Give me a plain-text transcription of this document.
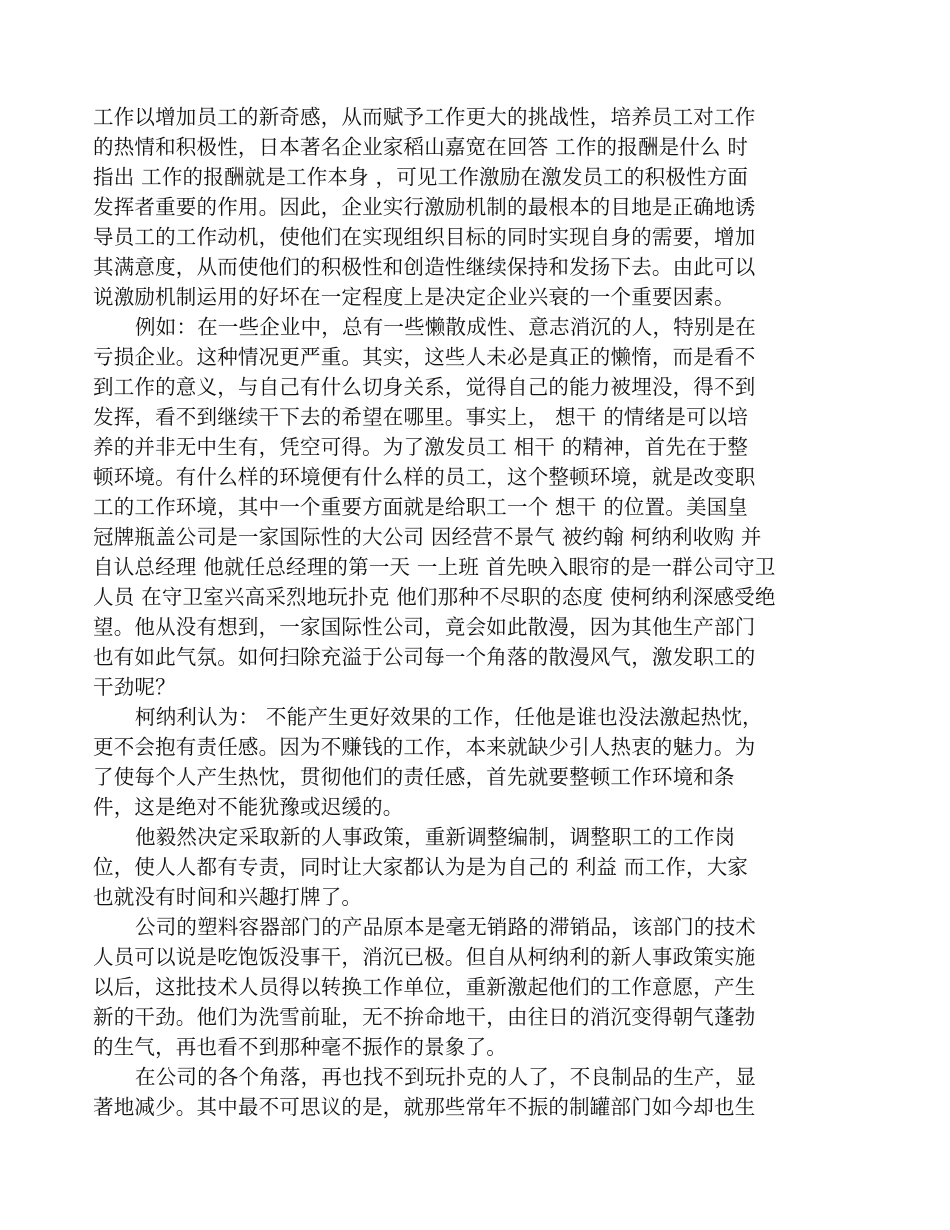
工作以增加员工的新奇感，从而赋予工作更大的挑战性，培养员工对工作
的热情和积极性，日本著名企业家稻山嘉宽在回答 工作的报酬是什么 时
指出 工作的报酬就是工作本身 ，可见工作激励在激发员工的积极性方面
发挥者重要的作用。因此，企业实行激励机制的最根本的目地是正确地诱
导员工的工作动机，使他们在实现组织目标的同时实现自身的需要，增加
其满意度，从而使他们的积极性和创造性继续保持和发扬下去。由此可以
说激励机制运用的好坏在一定程度上是决定企业兴衰的一个重要因素。
例如：在一些企业中，总有一些懒散成性、意志消沉的人，特别是在
亏损企业。这种情况更严重。其实，这些人未必是真正的懒惰，而是看不
到工作的意义，与自己有什么切身关系，觉得自己的能力被埋没，得不到
发挥，看不到继续干下去的希望在哪里。事实上， 想干 的情绪是可以培
养的并非无中生有，凭空可得。为了激发员工 相干 的精神，首先在于整
顿环境。有什么样的环境便有什么样的员工，这个整顿环境，就是改变职
工的工作环境，其中一个重要方面就是给职工一个 想干 的位置。美国皇
冠牌瓶盖公司是一家国际性的大公司 因经营不景气 被约翰 柯纳利收购 并
自认总经理 他就任总经理的第一天 一上班 首先映入眼帘的是一群公司守卫
人员 在守卫室兴高采烈地玩扑克 他们那种不尽职的态度 使柯纳利深感受绝
望。他从没有想到，一家国际性公司，竟会如此散漫，因为其他生产部门
也有如此气氛。如何扫除充溢于公司每一个角落的散漫风气，激发职工的
干劲呢？
柯纳利认为： 不能产生更好效果的工作，任他是谁也没法激起热忱，
更不会抱有责任感。因为不赚钱的工作，本来就缺少引人热衷的魅力。为
了使每个人产生热忱，贯彻他们的责任感，首先就要整顿工作环境和条
件，这是绝对不能犹豫或迟缓的。
他毅然决定采取新的人事政策，重新调整编制，调整职工的工作岗
位，使人人都有专责，同时让大家都认为是为自己的 利益 而工作，大家
也就没有时间和兴趣打牌了。
公司的塑料容器部门的产品原本是毫无销路的滞销品，该部门的技术
人员可以说是吃饱饭没事干，消沉已极。但自从柯纳利的新人事政策实施
以后，这批技术人员得以转换工作单位，重新激起他们的工作意愿，产生
新的干劲。他们为洗雪前耻，无不拚命地干，由往日的消沉变得朝气蓬勃
的生气，再也看不到那种毫不振作的景象了。
在公司的各个角落，再也找不到玩扑克的人了，不良制品的生产，显
著地减少。其中最不可思议的是，就那些常年不振的制罐部门如今却也生
